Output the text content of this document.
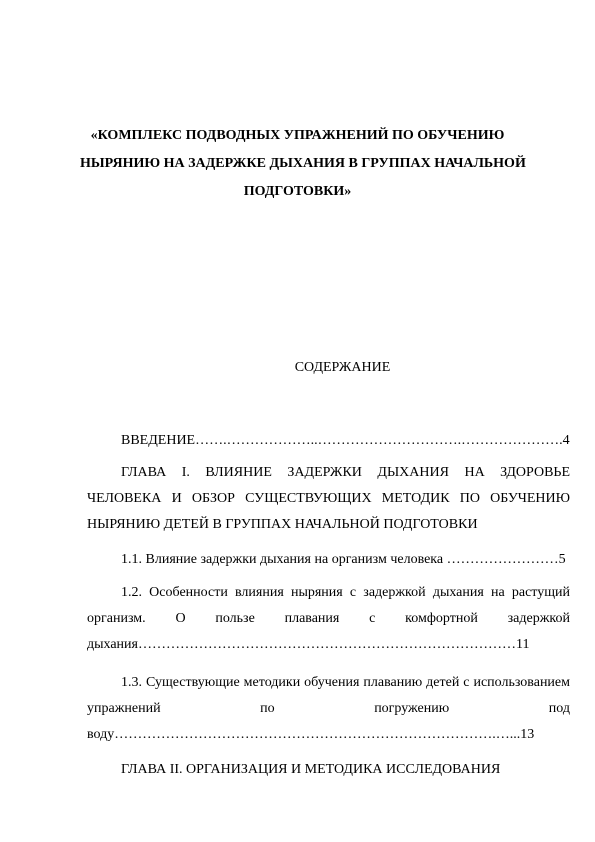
«КОМПЛЕКС ПОДВОДНЫХ УПРАЖНЕНИЙ ПО ОБУЧЕНИЮ
НЫРЯНИЮ НА ЗАДЕРЖКЕ ДЫХАНИЯ В ГРУППАХ НАЧАЛЬНОЙ
ПОДГОТОВКИ»
СОДЕРЖАНИЕ
ВВЕДЕНИЕ…….………………..………………………….………………….4
ГЛАВА I. ВЛИЯНИЕ ЗАДЕРЖКИ ДЫХАНИЯ НА ЗДОРОВЬЕ
ЧЕЛОВЕКА И ОБЗОР СУЩЕСТВУЮЩИХ МЕТОДИК ПО ОБУЧЕНИЮ
НЫРЯНИЮ ДЕТЕЙ В ГРУППАХ НАЧАЛЬНОЙ ПОДГОТОВКИ
1.1. Влияние задержки дыхания на организм человека ……………………5
1.2. Особенности влияния ныряния с задержкой дыхания на растущий
организм. О пользе плавания с комфортной задержкой
дыхания………………………………………………………………………11
1.3. Существующие методики обучения плаванию детей с использованием
упражнений	по	погружению	под
воду……………………………………………………………………….…...13
ГЛАВА II. ОРГАНИЗАЦИЯ И МЕТОДИКА ИССЛЕДОВАНИЯ
